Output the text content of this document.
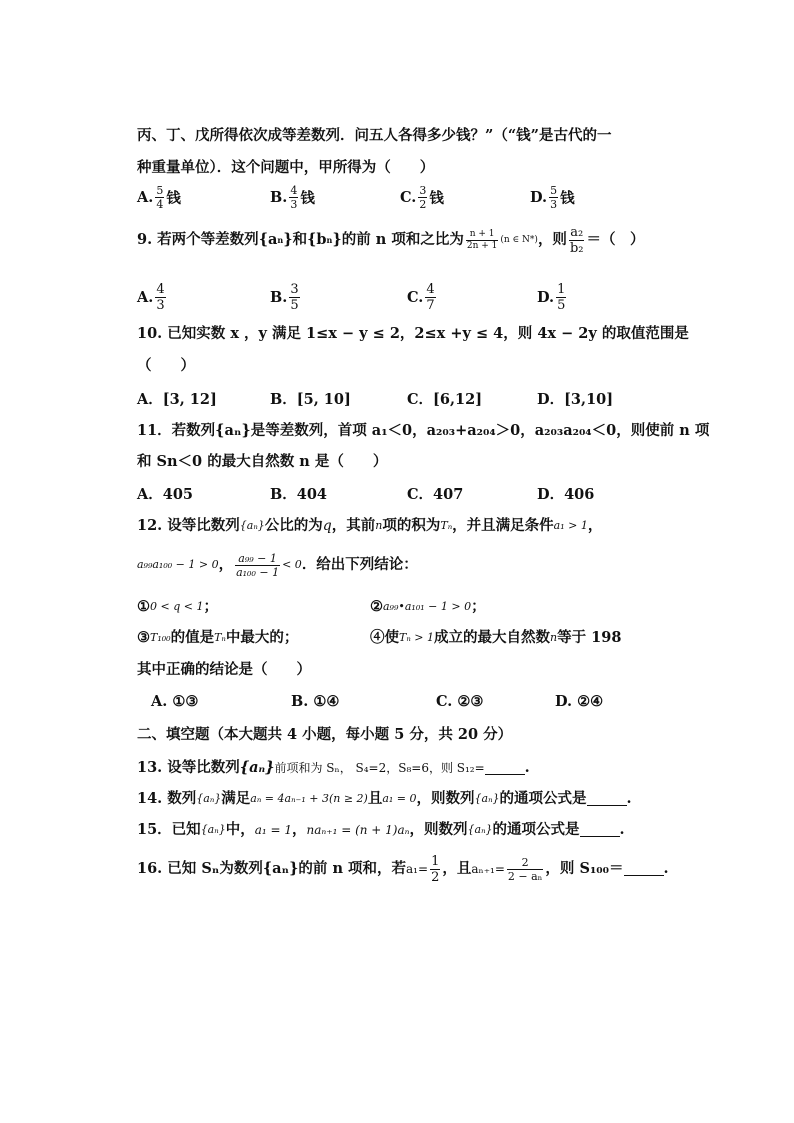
丙、丁、戊所得依次成等差数列．问五人各得多少钱？”（“钱”是古代的一
种重量单位）．这个问题中，甲所得为（　　）
A. $\frac{5}{4}$ 钱	B. $\frac{4}{3}$ 钱	C. $\frac{3}{2}$ 钱	D. $\frac{5}{3}$ 钱
9. 若两个等差数列 {a n } 和 {b n } 的前 n 项和之比为 $\frac{n + 1}{2n + 1} (n$ ∈ N*) ，则 $\frac{\text{a₂}}{\text{b₂}}$ ＝（　）
A. $\frac{4}{3}$	B. $\frac{3}{5}$	C. $\frac{4}{7}$	D. $\frac{1}{5}$
10. 已知实数 x ，y 满足 1≤x − y ≤ 2，2≤x +y ≤ 4，则 4x − 2y 的取值范围是
（　　）
A．[3, 12]	B．[5, 10]	C．[6,12]	D．[3,10]
11．若数列{aₙ}是等差数列，首项 a₁＜0，a₂₀₃+a₂₀₄＞0，a₂₀₃a₂₀₄＜0，则使前 n 项
和 Sn＜0 的最大自然数 n 是（　　）
A．405	B．404	C．407	D．406
12. 设等比数列 {aₙ} 公比的为 q ，其前 n 项的积为 Tₙ ，并且满足条件 a₁ > 1 ，
a₉₉a₁₀₀ − 1 > 0 ， $\frac{\text{a₉₉ − 1}}{\text{a₁₀₀ − 1}} < 0$ ．给出下列结论：
① 0 < q < 1 ；	② a₉₉•a₁₀₁ − 1 > 0 ；
③ T₁₀₀ 的值是 Tₙ 中最大的；	④使 Tₙ > 1 成立的最大自然数 n 等于 198
其中正确的结论是（　　）
A. ①③	B. ①④	C. ②③	D. ②④
二、填空题（本大题共 4 小题，每小题 5 分，共 20 分）
13. 设等比数列 {aₙ} 前项和为 Sₙ， S₄=2，S₈=6，则 S₁₂=	.
14. 数列 {aₙ} 满足 aₙ = 4aₙ₋₁ + 3(n ≥ 2) 且 a₁ = 0 ，则数列 {aₙ} 的通项公式是	.
15．已知 {aₙ} 中， a₁ = 1 ， naₙ₊₁ = (n + 1)aₙ ，则数列 {aₙ} 的通项公式是	.
16. 已知 Sₙ为数列{aₙ}的前 n 项和，若 $a_1= \frac{1}{2}$ ，且 $a_{n+1}= \frac{2}{\text{2 − aₙ}}$ ，则 S₁₀₀＝	.
